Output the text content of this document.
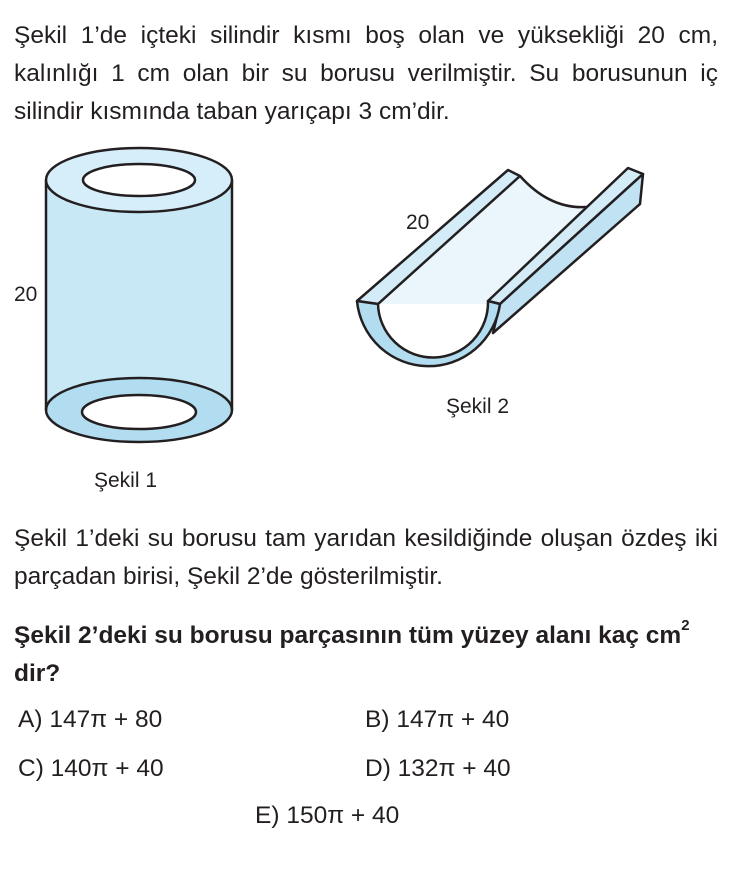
Şekil 1’de içteki silindir kısmı boş olan ve yüksekliği 20 cm, kalınlığı 1 cm olan bir su borusu verilmiştir. Su borusunun iç silindir kısmında taban yarıçapı 3 cm’dir.
20
20
Şekil 2
Şekil 1
Şekil 1’deki su borusu tam yarıdan kesildiğinde oluşan özdeş iki parçadan birisi, Şekil 2’de gösterilmiştir.
Şekil 2’deki su borusu parçasının tüm yüzey alanı kaç $cm^2$ dir?
A) 147π + 80	B) 147π + 40
C) 140π + 40	D) 132π + 40
E) 150π + 40
